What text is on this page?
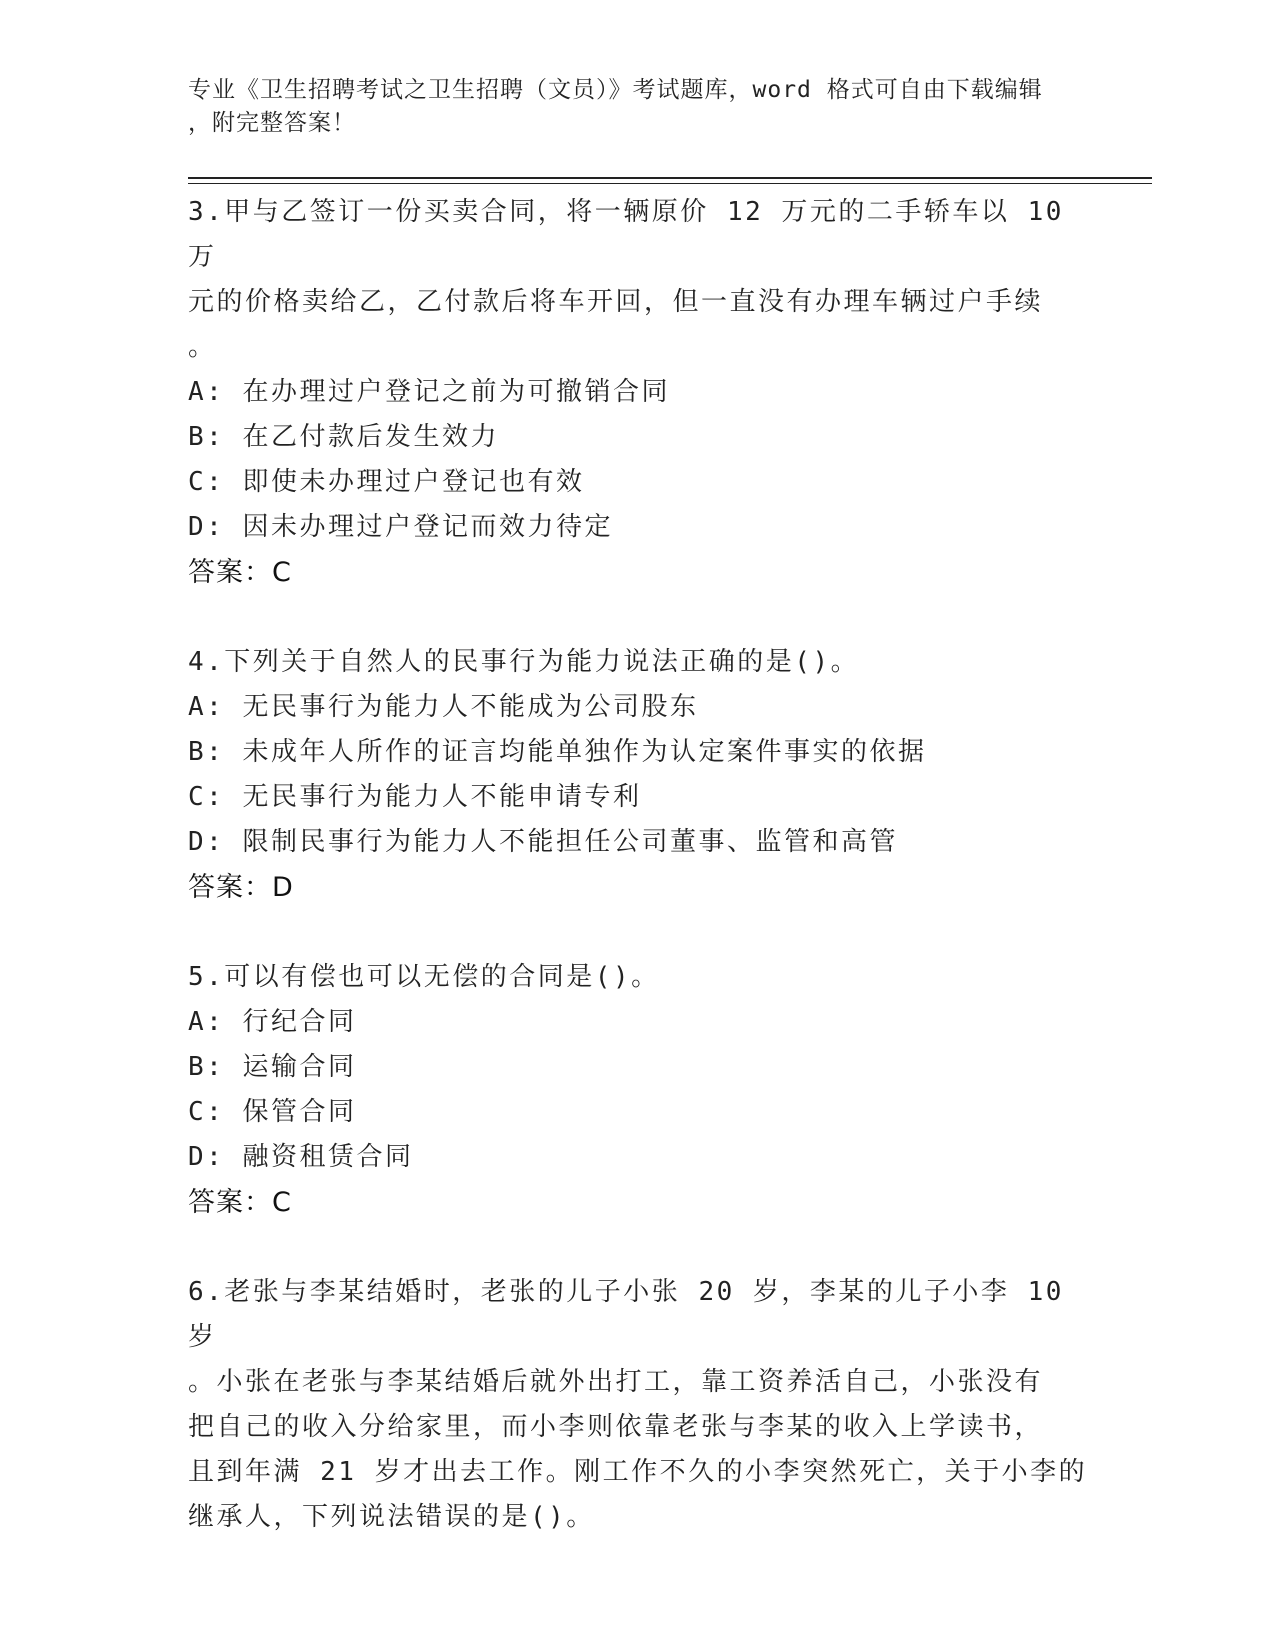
专业《卫生招聘考试之卫生招聘（文员）》考试题库，word 格式可自由下载编辑
，附完整答案！

3.甲与乙签订一份买卖合同，将一辆原价 12 万元的二手轿车以 10 万

元的价格卖给乙，乙付款后将车开回，但一直没有办理车辆过户手续

。

A: 在办理过户登记之前为可撤销合同

B: 在乙付款后发生效力

C: 即使未办理过户登记也有效

D: 因未办理过户登记而效力待定

答案：C

4.下列关于自然人的民事行为能力说法正确的是()。

A: 无民事行为能力人不能成为公司股东

B: 未成年人所作的证言均能单独作为认定案件事实的依据

C: 无民事行为能力人不能申请专利

D: 限制民事行为能力人不能担任公司董事、监管和高管

答案：D

5.可以有偿也可以无偿的合同是()。

A: 行纪合同

B: 运输合同

C: 保管合同

D: 融资租赁合同

答案：C

6.老张与李某结婚时，老张的儿子小张 20 岁，李某的儿子小李 10 岁

。小张在老张与李某结婚后就外出打工，靠工资养活自己，小张没有

把自己的收入分给家里，而小李则依靠老张与李某的收入上学读书，

且到年满 21 岁才出去工作。刚工作不久的小李突然死亡，关于小李的

继承人，下列说法错误的是()。
